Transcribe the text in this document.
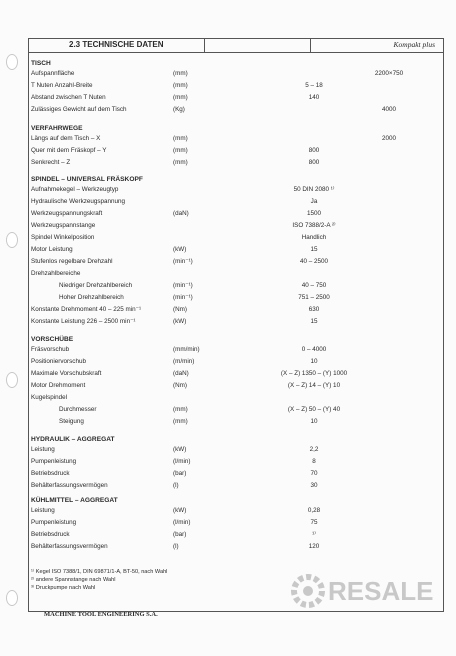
2.3 TECHNISCHE DATEN	Kompakt plus
TISCH
Aufspannfläche	(mm)	2200×750
T Nuten Anzahl-Breite	(mm)	5 – 18
Abstand zwischen T Nuten	(mm)	140
Zulässiges Gewicht auf dem Tisch	(Kg)	4000
VERFAHRWEGE
Längs auf dem Tisch – X	(mm)	2000
Quer mit dem Fräskopf – Y	(mm)	800
Senkrecht – Z	(mm)	800
SPINDEL – UNIVERSAL FRÄSKOPF
Aufnahmekegel – Werkzeugtyp	50 DIN 2080 ¹⁾
Hydraulische Werkzeugspannung	Ja
Werkzeugspannungskraft	(daN)	1500
Werkzeugspannstange	ISO 7388/2-A ²⁾
Spindel Winkelposition	Handlich
Motor Leistung	(kW)	15
Stufenlos regelbare Drehzahl	(min⁻¹)	40 – 2500
Drehzahlbereiche
Niedriger Drehzahlbereich	(min⁻¹)	40 – 750
Hoher Drehzahlbereich	(min⁻¹)	751 – 2500
Konstante Drehmoment 40 – 225 min⁻¹	(Nm)	630
Konstante Leistung 226 – 2500 min⁻¹	(kW)	15
VORSCHÜBE
Fräsvorschub	(mm/min)	0 – 4000
Positioniervorschub	(m/min)	10
Maximale Vorschubskraft	(daN)	(X – Z) 1350 – (Y) 1000
Motor Drehmoment	(Nm)	(X – Z) 14 – (Y) 10
Kugelspindel
Durchmesser	(mm)	(X – Z) 50 – (Y) 40
Steigung	(mm)	10
HYDRAULIK – AGGREGAT
Leistung	(kW)	2,2
Pumpenleistung	(l/min)	8
Betriebsdruck	(bar)	70
Behälterfassungsvermögen	(l)	30
KÜHLMITTEL – AGGREGAT
Leistung	(kW)	0,28
Pumpenleistung	(l/min)	75
Betriebsdruck	(bar)	¹⁾
Behälterfassungsvermögen	(l)	120
¹⁾ Kegel ISO 7388/1, DIN 69871/1-A, BT-50, nach Wahl
²⁾ andere Spannstange nach Wahl
³⁾ Druckpumpe nach Wahl
MACHINE TOOL ENGINEERING S.A.
RESALE
